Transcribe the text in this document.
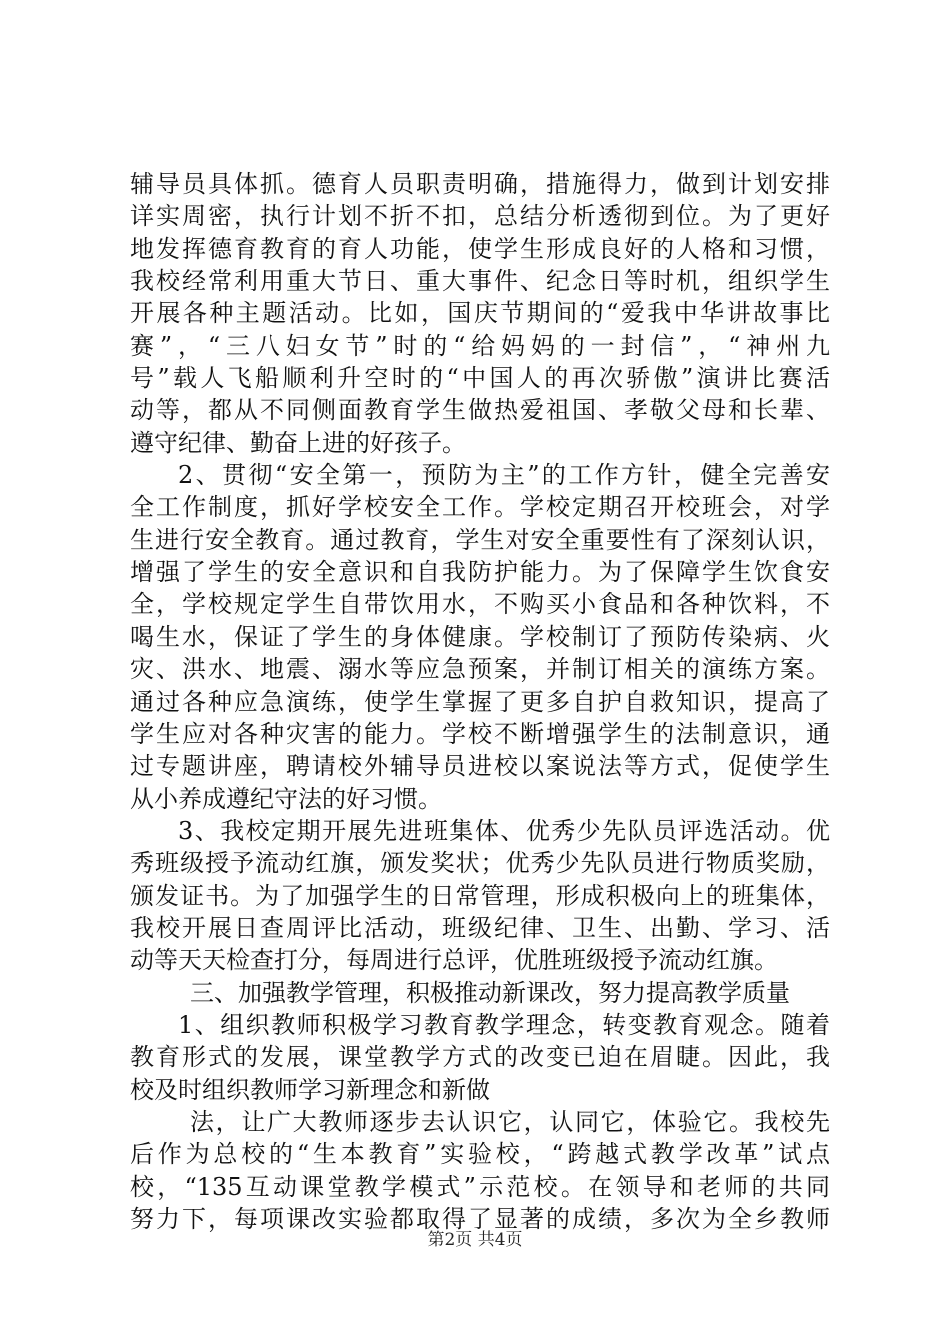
辅导员具体抓。德育人员职责明确，措施得力，做到计划安排
详实周密，执行计划不折不扣，总结分析透彻到位。为了更好
地发挥德育教育的育人功能，使学生形成良好的人格和习惯，
我校经常利用重大节日、重大事件、纪念日等时机，组织学生
开展各种主题活动。比如，国庆节期间的“爱我中华讲故事比
赛”，“三八妇女节”时的“给妈妈的一封信”，“神州九
号”载人飞船顺利升空时的“中国人的再次骄傲”演讲比赛活
动等，都从不同侧面教育学生做热爱祖国、孝敬父母和长辈、
遵守纪律、勤奋上进的好孩子。
2、贯彻“安全第一，预防为主”的工作方针，健全完善安
全工作制度，抓好学校安全工作。学校定期召开校班会，对学
生进行安全教育。通过教育，学生对安全重要性有了深刻认识，
增强了学生的安全意识和自我防护能力。为了保障学生饮食安
全，学校规定学生自带饮用水，不购买小食品和各种饮料，不
喝生水，保证了学生的身体健康。学校制订了预防传染病、火
灾、洪水、地震、溺水等应急预案，并制订相关的演练方案。
通过各种应急演练，使学生掌握了更多自护自救知识，提高了
学生应对各种灾害的能力。学校不断增强学生的法制意识，通
过专题讲座，聘请校外辅导员进校以案说法等方式，促使学生
从小养成遵纪守法的好习惯。
3、我校定期开展先进班集体、优秀少先队员评选活动。优
秀班级授予流动红旗，颁发奖状；优秀少先队员进行物质奖励，
颁发证书。为了加强学生的日常管理，形成积极向上的班集体，
我校开展日查周评比活动，班级纪律、卫生、出勤、学习、活
动等天天检查打分，每周进行总评，优胜班级授予流动红旗。
三、加强教学管理，积极推动新课改，努力提高教学质量
1、组织教师积极学习教育教学理念，转变教育观念。随着
教育形式的发展，课堂教学方式的改变已迫在眉睫。因此，我
校及时组织教师学习新理念和新做
法，让广大教师逐步去认识它，认同它，体验它。我校先
后作为总校的“生本教育”实验校，“跨越式教学改革”试点
校，“135互动课堂教学模式”示范校。在领导和老师的共同
努力下，每项课改实验都取得了显著的成绩，多次为全乡教师
第2页 共4页
